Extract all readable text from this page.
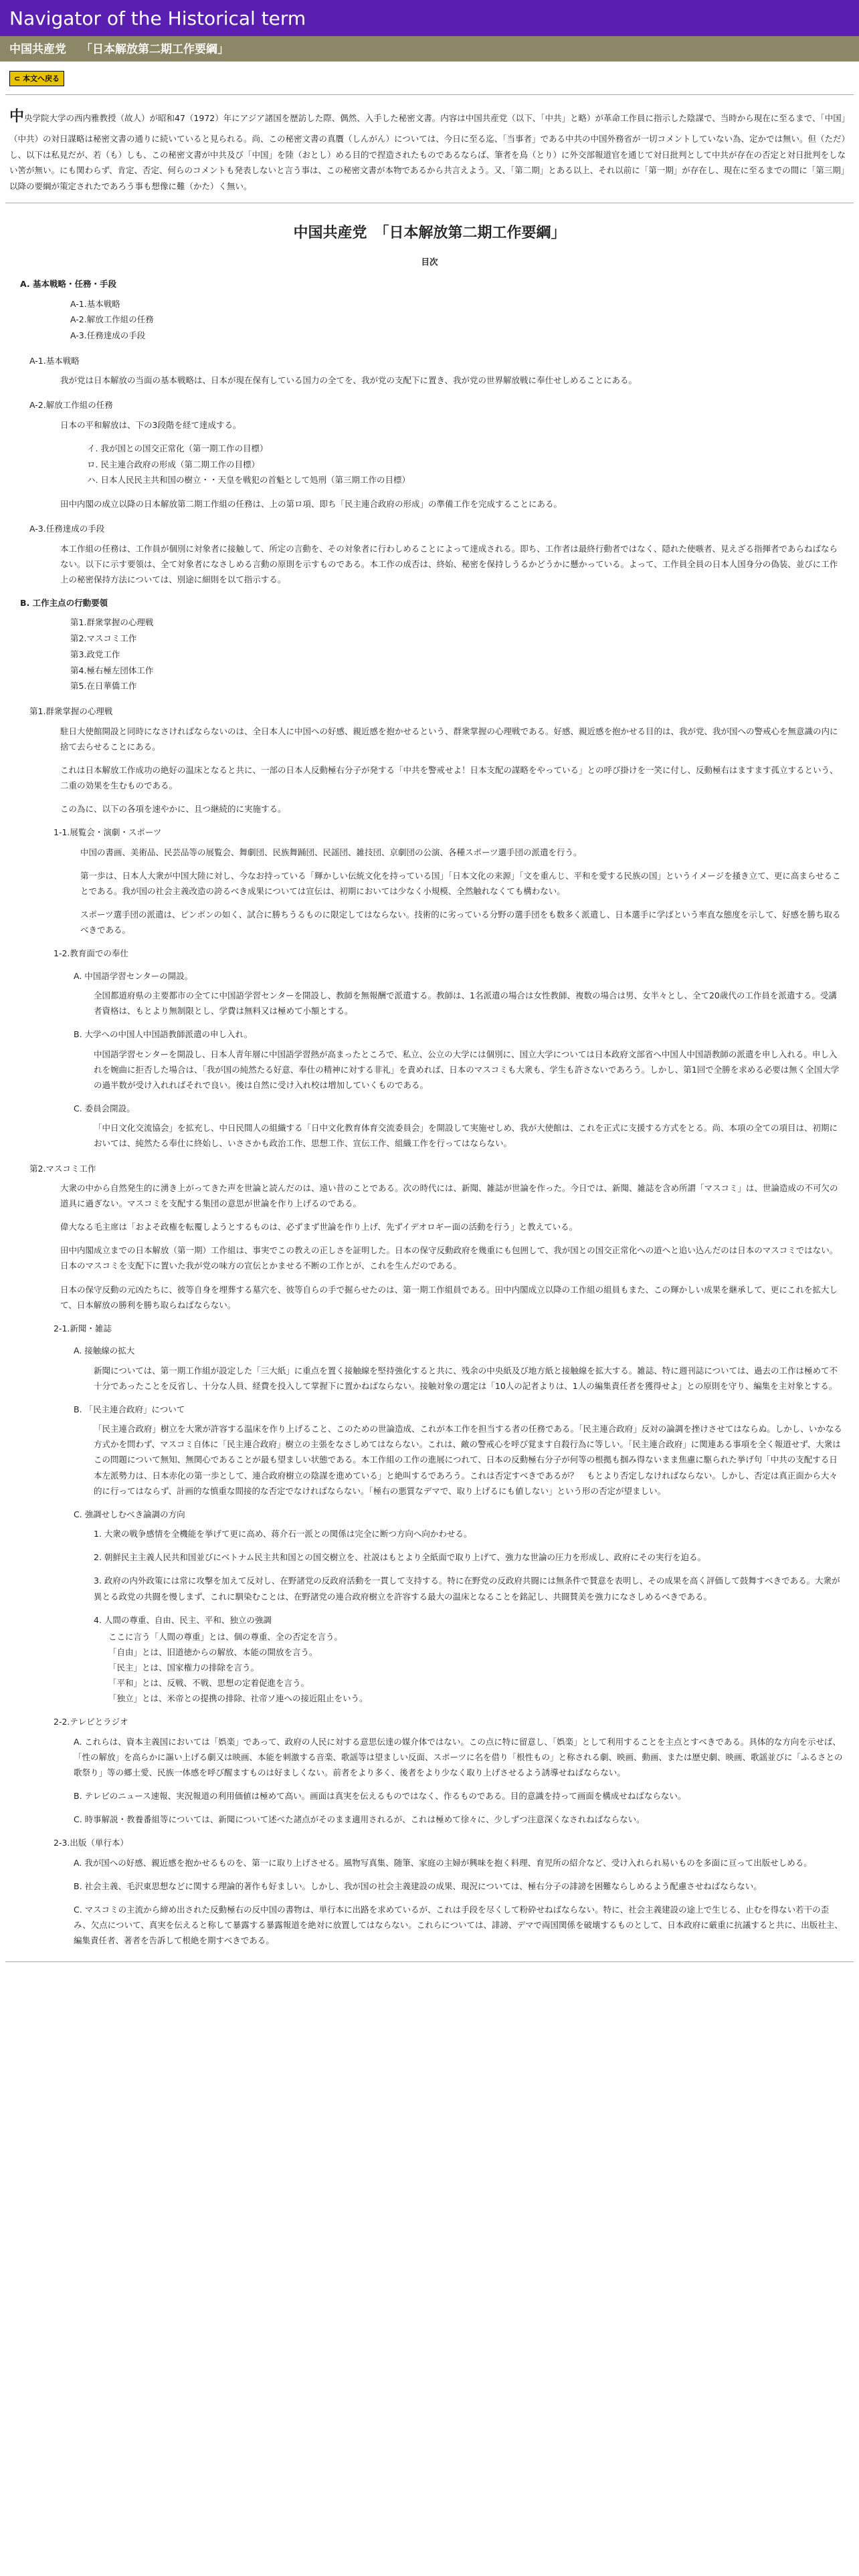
Navigator of the Historical term
中国共産党 「日本解放第二期工作要綱」
⊂ 本文へ戻る
中央学院大学の西内雅教授（故人）が昭和47（1972）年にアジア諸国を歴訪した際、偶然、入手した秘密文書。内容は中国共産党（以下、「中共」と略）が革命工作員に指示した陰謀で、当時から現在に至るまで、「中国」（中共）の対日謀略は秘密文書の通りに続いていると見られる。尚、この秘密文書の真贋（しんがん）については、今日に至る迄、「当事者」である中共の中国外務省が一切コメントしていない為、定かでは無い。但（ただ）し、以下は私見だが、若（も）しも、この秘密文書が中共及び「中国」を陸（おとし）める目的で捏造されたものであるならば、筆者を鳥（とり）に外交部報道官を通じて対日批判として中共が存在の否定と対日批判をしない筈が無い。にも関わらず、肯定、否定、何らのコメントも発表しないと言う事は、この秘密文書が本物であるから共言えよう。又、「第二期」とある以上、それ以前に「第一期」が存在し、現在に至るまでの間に「第三期」以降の要綱が策定されたであろう事も想像に難（かた）く無い。
中国共産党　「日本解放第二期工作要綱」
目次
A. 基本戦略・任務・手段
A-1.基本戦略
A-2.解放工作組の任務
A-3.任務達成の手段
A-1.基本戦略
我が党は日本解放の当面の基本戦略は、日本が現在保有している国力の全てを、我が党の支配下に置き、我が党の世界解放戦に奉仕せしめることにある。
A-2.解放工作組の任務
日本の平和解放は、下の3段階を経て達成する。
イ. 我が国との国交正常化（第一期工作の目標）
ロ. 民主連合政府の形成（第二期工作の目標）
ハ. 日本人民民主共和国の樹立・・天皇を戦犯の首魁として処刑（第三期工作の目標）
田中内閣の成立以降の日本解放第二期工作組の任務は、上の第ロ項、即ち「民主連合政府の形成」の準備工作を完成することにある。
A-3.任務達成の手段
本工作組の任務は、工作員が個別に対象者に接触して、所定の言動を、その対象者に行わしめることによって達成される。即ち、工作者は最終行動者ではなく、隠れた使嗾者、見えざる指揮者であらねばならない。以下に示す要領は、全て対象者になさしめる言動の原則を示すものである。本工作の成否は、終始、秘密を保持しうるかどうかに懸かっている。よって、工作員全員の日本人国身分の偽装、並びに工作上の秘密保持方法については、別途に細則を以て指示する。
B. 工作主点の行動要領
第1.群衆掌握の心理戦
第2.マスコミ工作
第3.政党工作
第4.極右極左団体工作
第5.在日華僑工作
第1.群衆掌握の心理戦
駐日大使館開設と同時になさければならないのは、全日本人に中国への好感、親近感を抱かせるという、群衆掌握の心理戦である。好感、親近感を抱かせる目的は、我が党、我が国への警戒心を無意識の内に捨て去らせることにある。
これは日本解放工作成功の絶好の温床となると共に、一部の日本人反動極右分子が発する「中共を警戒せよ！日本支配の謀略をやっている」との呼び掛けを一笑に付し、反動極右はますます孤立するという、二重の効果を生むものである。
この為に、以下の各項を速やかに、且つ継続的に実施する。
1-1.展覧会・演劇・スポーツ
中国の書画、美術品、民芸品等の展覧会、舞劇団、民族舞踊団、民謡団、雑技団、京劇団の公演、各種スポーツ選手団の派遣を行う。
第一歩は、日本人大衆が中国大陸に対し、今なお持っている「輝かしい伝統文化を持っている国」「日本文化の来源」「文を重んじ、平和を愛する民族の国」というイメージを掻き立て、更に高まらせることである。我が国の社会主義改造の誇るべき成果については宣伝は、初期においては少なく小規模、全然触れなくても構わない。
スポーツ選手団の派遣は、ピンポンの如く、試合に勝ちうるものに限定してはならない。技術的に劣っている分野の選手団をも数多く派遣し、日本選手に学ばという率直な態度を示して、好感を勝ち取るべきである。
1-2.教育面での奉仕
A. 中国語学習センターの開設。
全国都道府県の主要都市の全てに中国語学習センターを開設し、教師を無報酬で派遣する。教師は、1名派遣の場合は女性教師、複数の場合は男、女半々とし、全て20歳代の工作員を派遣する。受講者資格は、もとより無制限とし、学費は無料又は極めて小額とする。
B. 大学への中国人中国語教師派遣の申し入れ。
中国語学習センターを開設し、日本人青年層に中国語学習熱が高まったところで、私立、公立の大学には個別に、国立大学については日本政府文部省へ中国人中国語教師の派遣を申し入れる。申し入れを婉曲に拒否した場合は、「我が国の純然たる好意、奉仕の精神に対する非礼」を責めれば、日本のマスコミも大衆も、学生も許さないであろう。しかし、第1回で全勝を求める必要は無く全国大学の過半数が受け入れればそれで良い。後は自然に受け入れ校は増加していくものである。
C. 委員会開設。
「中日文化交流協会」を拡充し、中日民間人の組織する「日中文化教育体育交流委員会」を開設して実施せしめ、我が大使館は、これを正式に支援する方式をとる。尚、本項の全ての項目は、初期においては、純然たる奉仕に終始し、いささかも政治工作、思想工作、宣伝工作、組織工作を行ってはならない。
第2.マスコミ工作
大衆の中から自然発生的に湧き上がってきた声を世論と読んだのは、遠い昔のことである。次の時代には、新聞、雑誌が世論を作った。今日では、新聞、雑誌を含め所謂「マスコミ」は、世論造成の不可欠の道具に過ぎない。マスコミを支配する集団の意思が世論を作り上げるのである。
偉大なる毛主席は「およそ政権を転覆しようとするものは、必ずまず世論を作り上げ、先ずイデオロギー面の活動を行う」と教えている。
田中内閣成立までの日本解放（第一期）工作組は、事実でこの教えの正しさを証明した。日本の保守反動政府を幾重にも包囲して、我が国との国交正常化への道へと追い込んだのは日本のマスコミではない。日本のマスコミを支配下に置いた我が党の味方の宣伝とかませる不断の工作とが、これを生んだのである。
日本の保守反動の元凶たちに、彼等自身を埋葬する墓穴を、彼等自らの手で掘らせたのは、第一期工作組員である。田中内閣成立以降の工作組の組員もまた、この輝かしい成果を継承して、更にこれを拡大して、日本解放の勝利を勝ち取らねばならない。
2-1.新聞・雑誌
A. 接触線の拡大
新聞については、第一期工作組が設定した「三大紙」に重点を置く接触線を堅持強化すると共に、残余の中央紙及び地方紙と接触線を拡大する。雑誌、特に週刊誌については、過去の工作は極めて不十分であったことを反省し、十分な人員、経費を投入して掌握下に置かねばならない。接触対象の選定は「10人の記者よりは、1人の編集責任者を獲得せよ」との原則を守り、編集を主対象とする。
B. 「民主連合政府」について
「民主連合政府」樹立を大衆が許容する温床を作り上げること、このための世論造成、これが本工作を担当する者の任務である。「民主連合政府」反対の論調を挫けさせてはならぬ。しかし、いかなる方式かを問わず、マスコミ自体に「民主連合政府」樹立の主張をなさしめてはならない。これは、敵の警戒心を呼び覚ます自殺行為に等しい。「民主連合政府」に関連ある事項を全く報道せず、大衆はこの問題について無知、無関心であることが最も望ましい状態である。本工作組の工作の進展につれて、日本の反動極右分子が何等の根拠も掴み得ないまま焦慮に駆られた挙げ句「中共の支配する日本左派勢力は、日本赤化の第一歩として、連合政府樹立の陰謀を進めている」と絶叫するであろう。これは否定すべきであるが？　もとより否定しなければならない。しかし、否定は真正面から大々的に行ってはならず、計画的な慎重な間接的な否定でなければならない。「極右の悪質なデマで、取り上げるにも値しない」という形の否定が望ましい。
C. 強調せしむべき論調の方向
1. 大衆の戦争感情を全機能を挙げて更に高め、蒋介石一派との関係は完全に断つ方向へ向かわせる。
2. 朝鮮民主主義人民共和国並びにベトナム民主共和国との国交樹立を、社説はもとより全紙面で取り上げて、強力な世論の圧力を形成し、政府にその実行を迫る。
3. 政府の内外政策には常に攻撃を加えて反対し、在野諸党の反政府活動を一貫して支持する。特に在野党の反政府共闘には無条件で賛意を表明し、その成果を高く評価して鼓舞すべきである。大衆が異とる政党の共闘を慢しまず、これに馴染むことは、在野諸党の連合政府樹立を許容する最大の温床となることを銘記し、共闘賛美を強力になさしめるべきである。
4. 人間の尊重、自由、民主、平和、独立の強調
ここに言う「人間の尊重」とは、個の尊重、全の否定を言う。
「自由」とは、旧道徳からの解放、本能の開放を言う。
「民主」とは、国家権力の排除を言う。
「平和」とは、反戦、不戦、思想の定着促進を言う。
「独立」とは、米帝との提携の排除、社帝ソ連への接近阻止をいう。
2-2.テレビとラジオ
A. これらは、資本主義国においては「娯楽」であって、政府の人民に対する意思伝達の媒介体ではない。この点に特に留意し、「娯楽」として利用することを主点とすべきである。具体的な方向を示せば、「性の解放」を高らかに謳い上げる劇又は映画、本能を刺激する音楽、歌謡等は望ましい反面、スポーツに名を借り「根性もの」と称される劇、映画、動画、または歴史劇、映画、歌謡並びに「ふるさとの歌祭り」等の郷土愛、民族一体感を呼び醒ますものは好ましくない。前者をより多く、後者をより少なく取り上げさせるよう誘導せねばならない。
B. テレビのニュース速報、実況報道の利用価値は極めて高い。画面は真実を伝えるものではなく、作るものである。目的意識を持って画面を構成せねばならない。
C. 時事解説・教養番組等については、新聞について述べた諸点がそのまま適用されるが、これは極めて徐々に、少しずつ注意深くなされねばならない。
2-3.出版（単行本）
A. 我が国への好感、親近感を抱かせるものを、第一に取り上げさせる。風物写真集、随筆、家庭の主婦が興味を抱く料理、育児所の紹介など、受け入れられ易いものを多面に亘って出版せしめる。
B. 社会主義、毛沢東思想などに関する理論的著作も好ましい。しかし、我が国の社会主義建設の成果、現況については、極右分子の誹謗を困難ならしめるよう配慮させねばならない。
C. マスコミの主流から締め出された反動極右の反中国の書物は、単行本に出路を求めているが、これは手段を尽くして粉砕せねばならない。特に、社会主義建設の途上で生じる、止むを得ない若干の歪み、欠点について、真実を伝えると称して暴露する暴露報道を絶対に放置してはならない。これらについては、誹謗、デマで両国関係を破壊するものとして、日本政府に厳重に抗議すると共に、出版社主、編集責任者、著者を告訴して根絶を期すべきである。
